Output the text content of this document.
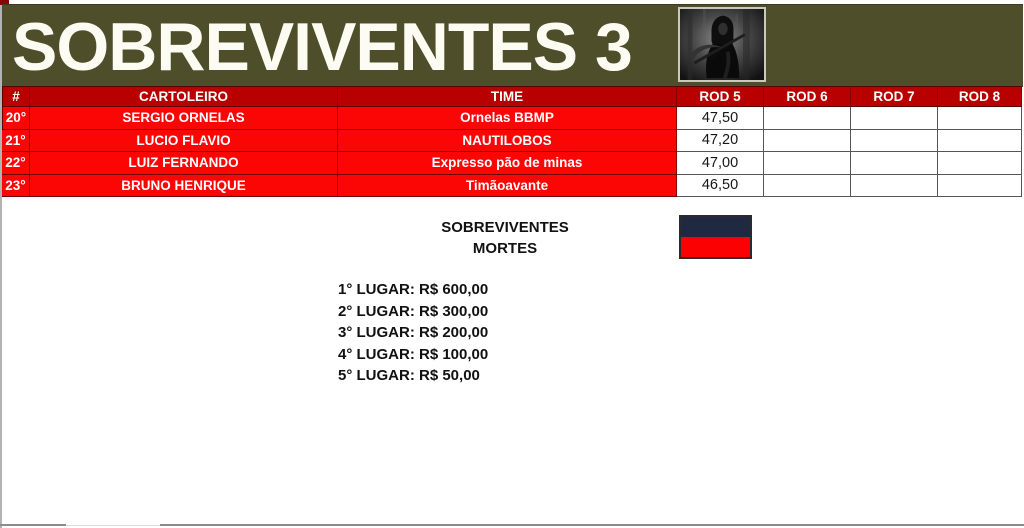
SOBREVIVENTES 3
#	CARTOLEIRO	TIME	ROD 5	ROD 6	ROD 7	ROD 8
20°	SERGIO ORNELAS	Ornelas BBMP	47,50
21°	LUCIO FLAVIO	NAUTILOBOS	47,20
22°	LUIZ FERNANDO	Expresso pão de minas	47,00
23°	BRUNO HENRIQUE	Timãoavante	46,50
SOBREVIVENTES
MORTES
1° LUGAR: R$ 600,00
2° LUGAR: R$ 300,00
3° LUGAR: R$ 200,00
4° LUGAR: R$ 100,00
5° LUGAR: R$ 50,00
